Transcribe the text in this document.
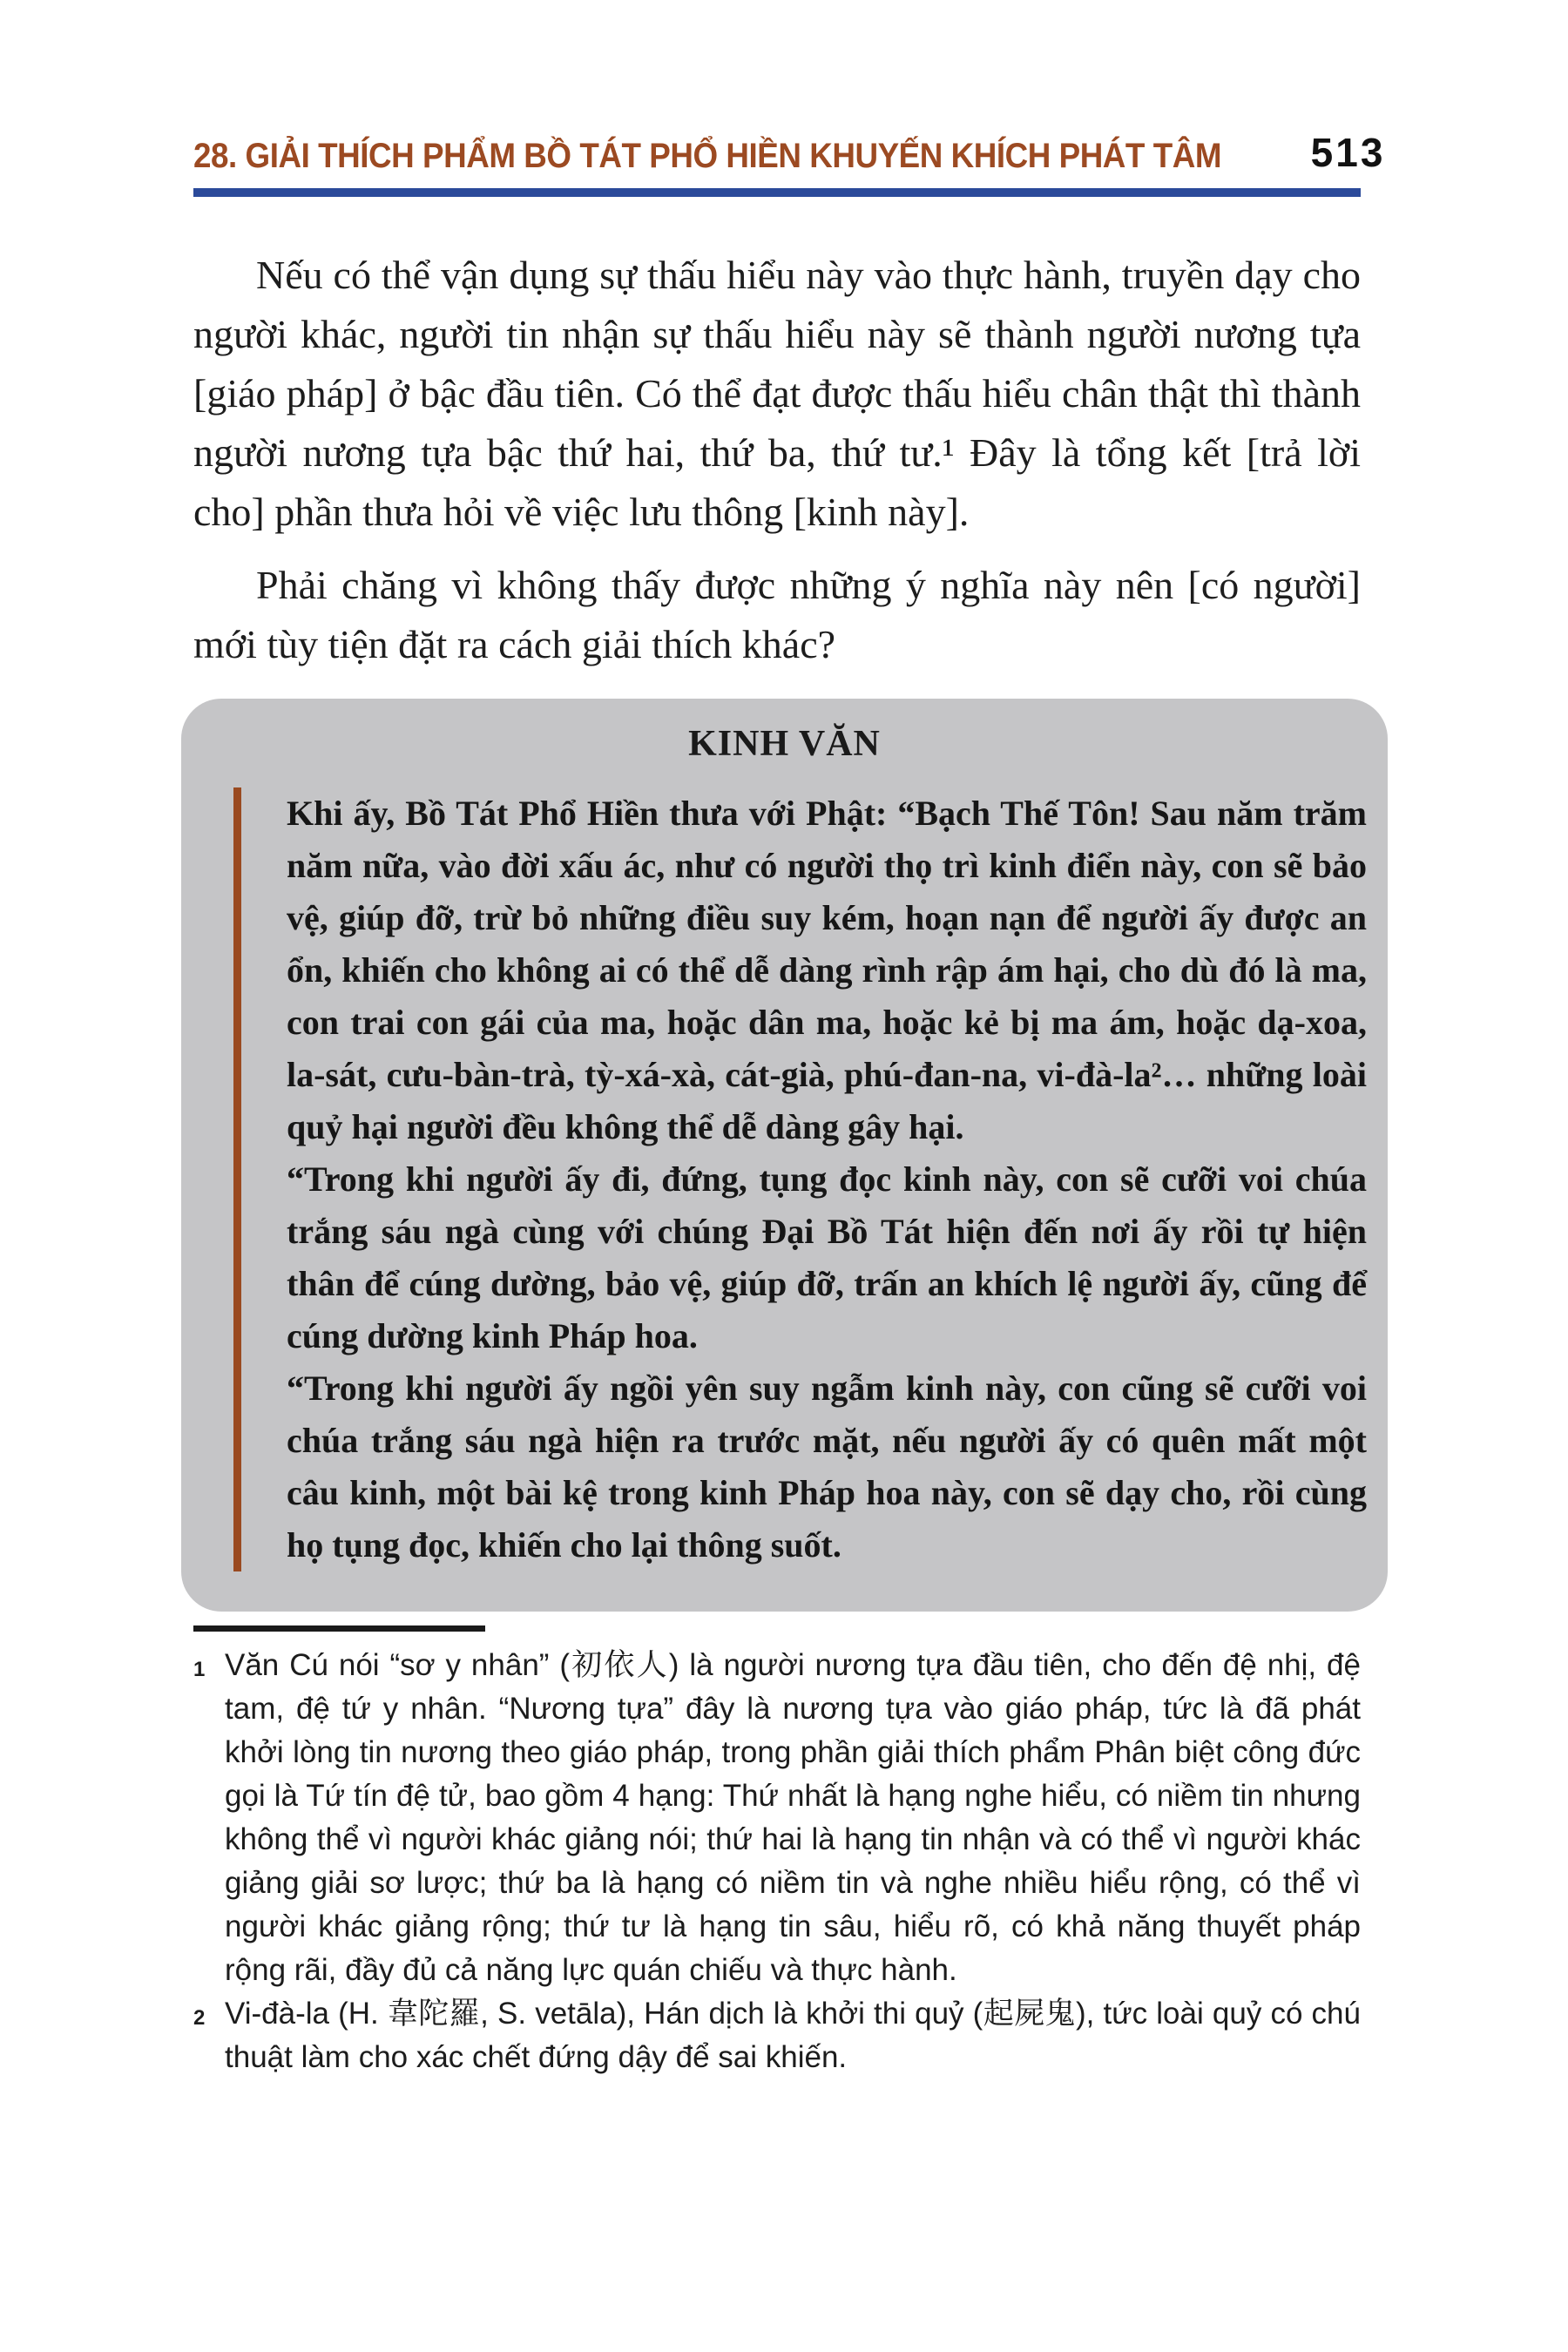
28. GIẢI THÍCH PHẨM BỒ TÁT PHỔ HIỀN KHUYẾN KHÍCH PHÁT TÂM 513

Nếu có thể vận dụng sự thấu hiểu này vào thực hành, truyền dạy cho người khác, người tin nhận sự thấu hiểu này sẽ thành người nương tựa [giáo pháp] ở bậc đầu tiên. Có thể đạt được thấu hiểu chân thật thì thành người nương tựa bậc thứ hai, thứ ba, thứ tư.¹ Đây là tổng kết [trả lời cho] phần thưa hỏi về việc lưu thông [kinh này].

Phải chăng vì không thấy được những ý nghĩa này nên [có người] mới tùy tiện đặt ra cách giải thích khác?

KINH VĂN

Khi ấy, Bồ Tát Phổ Hiền thưa với Phật: “Bạch Thế Tôn! Sau năm trăm năm nữa, vào đời xấu ác, như có người thọ trì kinh điển này, con sẽ bảo vệ, giúp đỡ, trừ bỏ những điều suy kém, hoạn nạn để người ấy được an ổn, khiến cho không ai có thể dễ dàng rình rập ám hại, cho dù đó là ma, con trai con gái của ma, hoặc dân ma, hoặc kẻ bị ma ám, hoặc dạ-xoa, la-sát, cưu-bàn-trà, tỳ-xá-xà, cát-già, phú-đan-na, vi-đà-la²… những loài quỷ hại người đều không thể dễ dàng gây hại.

“Trong khi người ấy đi, đứng, tụng đọc kinh này, con sẽ cưỡi voi chúa trắng sáu ngà cùng với chúng Đại Bồ Tát hiện đến nơi ấy rồi tự hiện thân để cúng dường, bảo vệ, giúp đỡ, trấn an khích lệ người ấy, cũng để cúng dường kinh Pháp hoa.

“Trong khi người ấy ngồi yên suy ngẫm kinh này, con cũng sẽ cưỡi voi chúa trắng sáu ngà hiện ra trước mặt, nếu người ấy có quên mất một câu kinh, một bài kệ trong kinh Pháp hoa này, con sẽ dạy cho, rồi cùng họ tụng đọc, khiến cho lại thông suốt.

1 Văn Cú nói “sơ y nhân” (初依人) là người nương tựa đầu tiên, cho đến đệ nhị, đệ tam, đệ tứ y nhân. “Nương tựa” đây là nương tựa vào giáo pháp, tức là đã phát khởi lòng tin nương theo giáo pháp, trong phần giải thích phẩm Phân biệt công đức gọi là Tứ tín đệ tử, bao gồm 4 hạng: Thứ nhất là hạng nghe hiểu, có niềm tin nhưng không thể vì người khác giảng nói; thứ hai là hạng tin nhận và có thể vì người khác giảng giải sơ lược; thứ ba là hạng có niềm tin và nghe nhiều hiểu rộng, có thể vì người khác giảng rộng; thứ tư là hạng tin sâu, hiểu rõ, có khả năng thuyết pháp rộng rãi, đầy đủ cả năng lực quán chiếu và thực hành.
2 Vi-đà-la (H. 韋陀羅, S. vetāla), Hán dịch là khởi thi quỷ (起屍鬼), tức loài quỷ có chú thuật làm cho xác chết đứng dậy để sai khiến.
